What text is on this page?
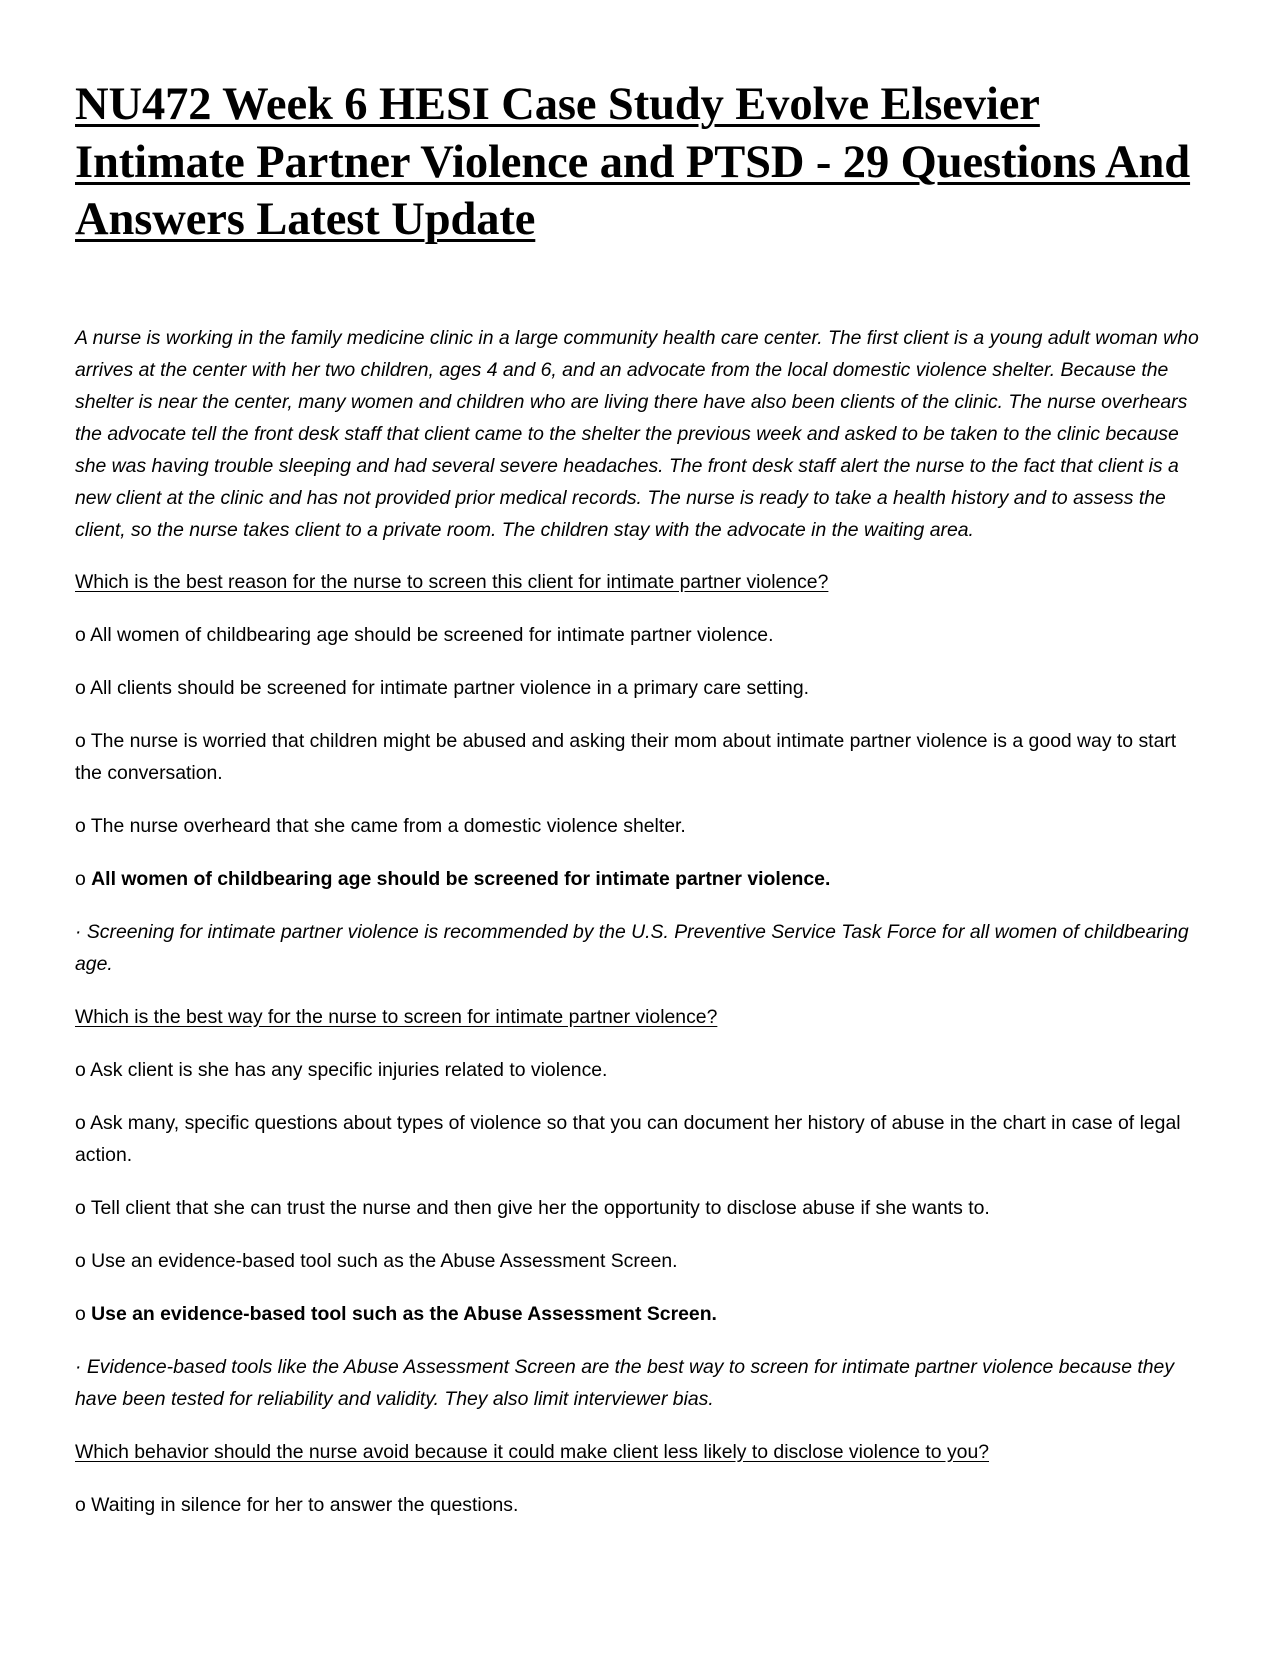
NU472 Week 6 HESI Case Study Evolve Elsevier Intimate Partner Violence and PTSD - 29 Questions And Answers Latest Update

A nurse is working in the family medicine clinic in a large community health care center. The first client is a young adult woman who arrives at the center with her two children, ages 4 and 6, and an advocate from the local domestic violence shelter. Because the shelter is near the center, many women and children who are living there have also been clients of the clinic. The nurse overhears the advocate tell the front desk staff that client came to the shelter the previous week and asked to be taken to the clinic because she was having trouble sleeping and had several severe headaches. The front desk staff alert the nurse to the fact that client is a new client at the clinic and has not provided prior medical records. The nurse is ready to take a health history and to assess the client, so the nurse takes client to a private room. The children stay with the advocate in the waiting area.

Which is the best reason for the nurse to screen this client for intimate partner violence?

o All women of childbearing age should be screened for intimate partner violence.

o All clients should be screened for intimate partner violence in a primary care setting.

o The nurse is worried that children might be abused and asking their mom about intimate partner violence is a good way to start the conversation.

o The nurse overheard that she came from a domestic violence shelter.

o All women of childbearing age should be screened for intimate partner violence.

· Screening for intimate partner violence is recommended by the U.S. Preventive Service Task Force for all women of childbearing age.

Which is the best way for the nurse to screen for intimate partner violence?

o Ask client is she has any specific injuries related to violence.

o Ask many, specific questions about types of violence so that you can document her history of abuse in the chart in case of legal action.

o Tell client that she can trust the nurse and then give her the opportunity to disclose abuse if she wants to.

o Use an evidence-based tool such as the Abuse Assessment Screen.

o Use an evidence-based tool such as the Abuse Assessment Screen.

· Evidence-based tools like the Abuse Assessment Screen are the best way to screen for intimate partner violence because they have been tested for reliability and validity. They also limit interviewer bias.

Which behavior should the nurse avoid because it could make client less likely to disclose violence to you?

o Waiting in silence for her to answer the questions.
